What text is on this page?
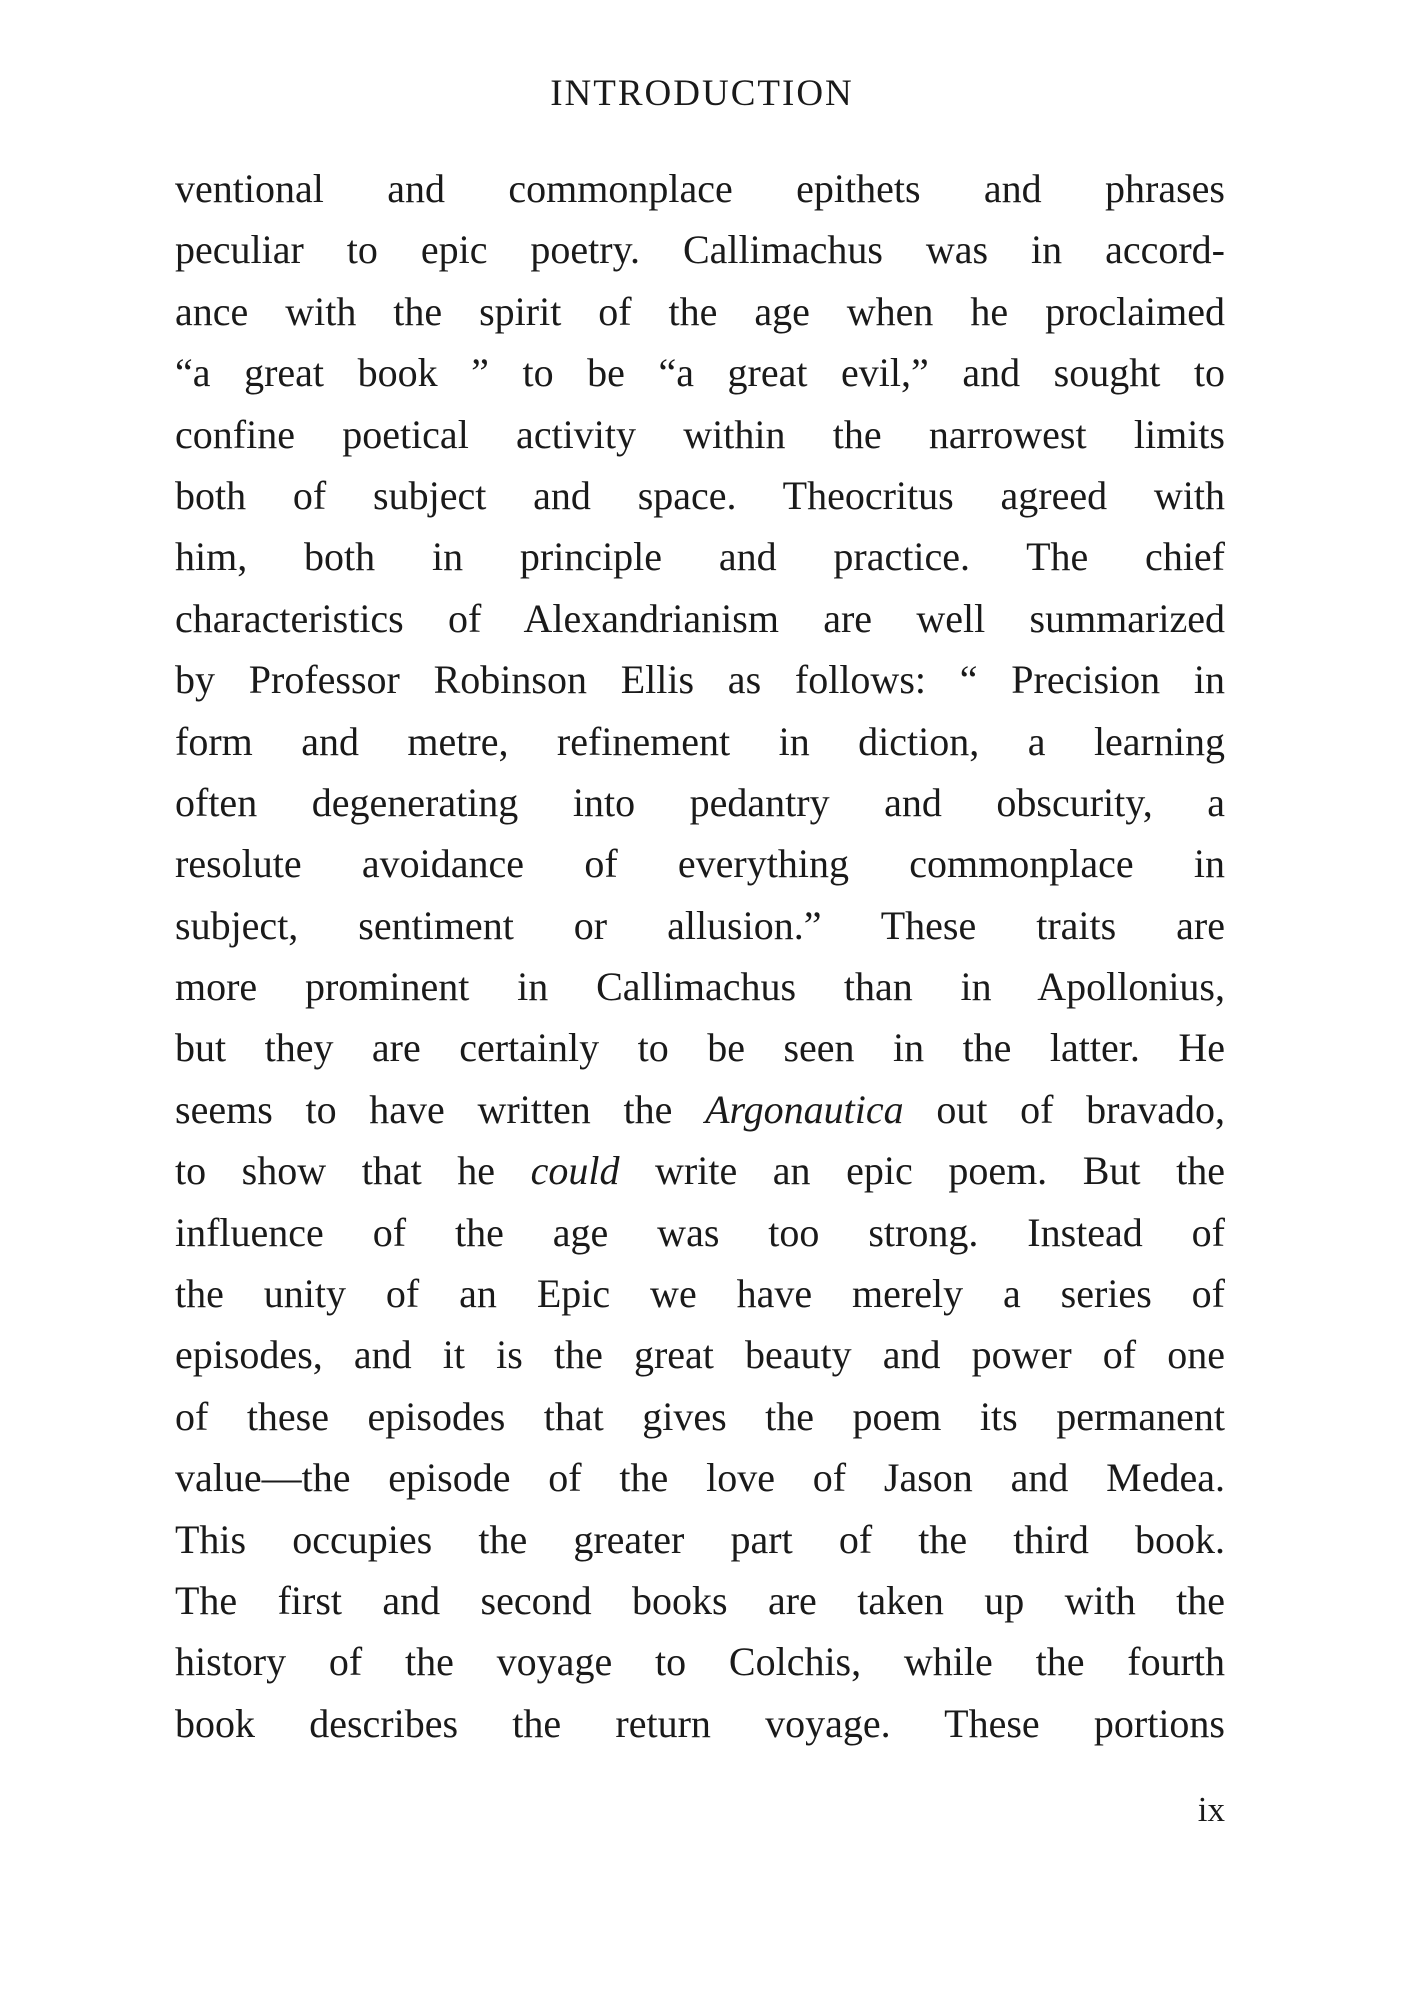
INTRODUCTION
ventional and commonplace epithets and phrases
peculiar to epic poetry. Callimachus was in accord-
ance with the spirit of the age when he proclaimed
“a great book ” to be “a great evil,” and sought to
confine poetical activity within the narrowest limits
both of subject and space. Theocritus agreed with
him, both in principle and practice. The chief
characteristics of Alexandrianism are well summarized
by Professor Robinson Ellis as follows: “ Precision in
form and metre, refinement in diction, a learning
often degenerating into pedantry and obscurity, a
resolute avoidance of everything commonplace in
subject, sentiment or allusion.” These traits are
more prominent in Callimachus than in Apollonius,
but they are certainly to be seen in the latter. He
seems to have written the Argonautica out of bravado,
to show that he could write an epic poem. But the
influence of the age was too strong. Instead of
the unity of an Epic we have merely a series of
episodes, and it is the great beauty and power of one
of these episodes that gives the poem its permanent
value—the episode of the love of Jason and Medea.
This occupies the greater part of the third book.
The first and second books are taken up with the
history of the voyage to Colchis, while the fourth
book describes the return voyage. These portions
ix
